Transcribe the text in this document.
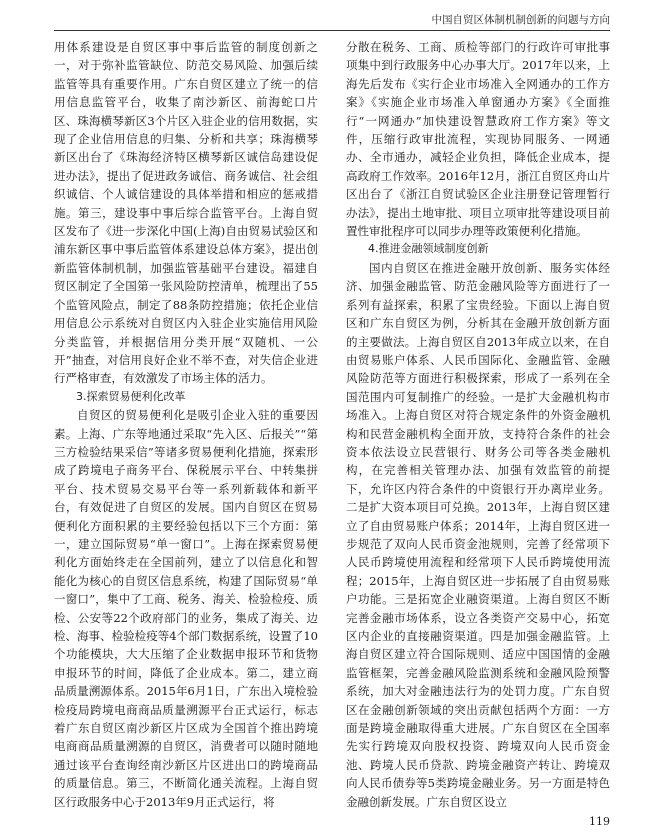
中国自贸区体制机制创新的问题与方向

用体系建设是自贸区事中事后监管的制度创新之一，对于弥补监管缺位、防范交易风险、加强后续监管等具有重要作用。广东自贸区建立了统一的信用信息监管平台，收集了南沙新区、前海蛇口片区、珠海横琴新区3个片区入驻企业的信用数据，实现了企业信用信息的归集、分析和共享；珠海横琴新区出台了《珠海经济特区横琴新区诚信岛建设促进办法》，提出了促进政务诚信、商务诚信、社会组织诚信、个人诚信建设的具体举措和相应的惩戒措施。第三，建设事中事后综合监管平台。上海自贸区发布了《进一步深化中国(上海)自由贸易试验区和浦东新区事中事后监管体系建设总体方案》，提出创新监管体制机制，加强监管基础平台建设。福建自贸区制定了全国第一张风险防控清单，梳理出了55个监管风险点，制定了88条防控措施；依托企业信用信息公示系统对自贸区内入驻企业实施信用风险分类监管，并根据信用分类开展“双随机、一公开”抽查，对信用良好企业不举不查，对失信企业进行严格审查，有效激发了市场主体的活力。

3.探索贸易便利化改革

自贸区的贸易便利化是吸引企业入驻的重要因素。上海、广东等地通过采取“先入区、后报关”“第三方检验结果采信”等诸多贸易便利化措施，探索形成了跨境电子商务平台、保税展示平台、中转集拼平台、技术贸易交易平台等一系列新载体和新平台，有效促进了自贸区的发展。国内自贸区在贸易便利化方面积累的主要经验包括以下三个方面：第一，建立国际贸易“单一窗口”。上海在探索贸易便利化方面始终走在全国前列，建立了以信息化和智能化为核心的自贸区信息系统，构建了国际贸易“单一窗口”，集中了工商、税务、海关、检验检疫、质检、公安等22个政府部门的业务，集成了海关、边检、海事、检验检疫等4个部门数据系统，设置了10个功能模块，大大压缩了企业数据申报环节和货物申报环节的时间，降低了企业成本。第二，建立商品质量溯源体系。2015年6月1日，广东出入境检验检疫局跨境电商商品质量溯源平台正式运行，标志着广东自贸区南沙新区片区成为全国首个推出跨境电商商品质量溯源的自贸区，消费者可以随时随地通过该平台查询经南沙新区片区进出口的跨境商品的质量信息。第三，不断简化通关流程。上海自贸区行政服务中心于2013年9月正式运行，将

分散在税务、工商、质检等部门的行政许可审批事项集中到行政服务中心办事大厅。2017年以来，上海先后发布《实行企业市场准入全网通办的工作方案》《实施企业市场准入单窗通办方案》《全面推行“一网通办”加快建设智慧政府工作方案》等文件，压缩行政审批流程，实现协同服务、一网通办、全市通办，减轻企业负担，降低企业成本，提高政府工作效率。2016年12月，浙江自贸区舟山片区出台了《浙江自贸试验区企业注册登记管理暂行办法》，提出土地审批、项目立项审批等建设项目前置性审批程序可以同步办理等政策便利化措施。

4.推进金融领域制度创新

国内自贸区在推进金融开放创新、服务实体经济、加强金融监管、防范金融风险等方面进行了一系列有益探索，积累了宝贵经验。下面以上海自贸区和广东自贸区为例，分析其在金融开放创新方面的主要做法。上海自贸区自2013年成立以来，在自由贸易账户体系、人民币国际化、金融监管、金融风险防范等方面进行积极探索，形成了一系列在全国范围内可复制推广的经验。一是扩大金融机构市场准入。上海自贸区对符合规定条件的外资金融机构和民营金融机构全面开放，支持符合条件的社会资本依法设立民营银行、财务公司等各类金融机构，在完善相关管理办法、加强有效监管的前提下，允许区内符合条件的中资银行开办离岸业务。二是扩大资本项目可兑换。2013年，上海自贸区建立了自由贸易账户体系；2014年，上海自贸区进一步规范了双向人民币资金池规则，完善了经常项下人民币跨境使用流程和经常项下人民币跨境使用流程；2015年，上海自贸区进一步拓展了自由贸易账户功能。三是拓宽企业融资渠道。上海自贸区不断完善金融市场体系，设立各类资产交易中心，拓宽区内企业的直接融资渠道。四是加强金融监管。上海自贸区建立符合国际规则、适应中国国情的金融监管框架，完善金融风险监测系统和金融风险预警系统，加大对金融违法行为的处罚力度。广东自贸区在金融创新领域的突出贡献包括两个方面：一方面是跨境金融取得重大进展。广东自贸区在全国率先实行跨境双向股权投资、跨境双向人民币资金池、跨境人民币贷款、跨境金融资产转让、跨境双向人民币债券等5类跨境金融业务。另一方面是特色金融创新发展。广东自贸区设立

119
